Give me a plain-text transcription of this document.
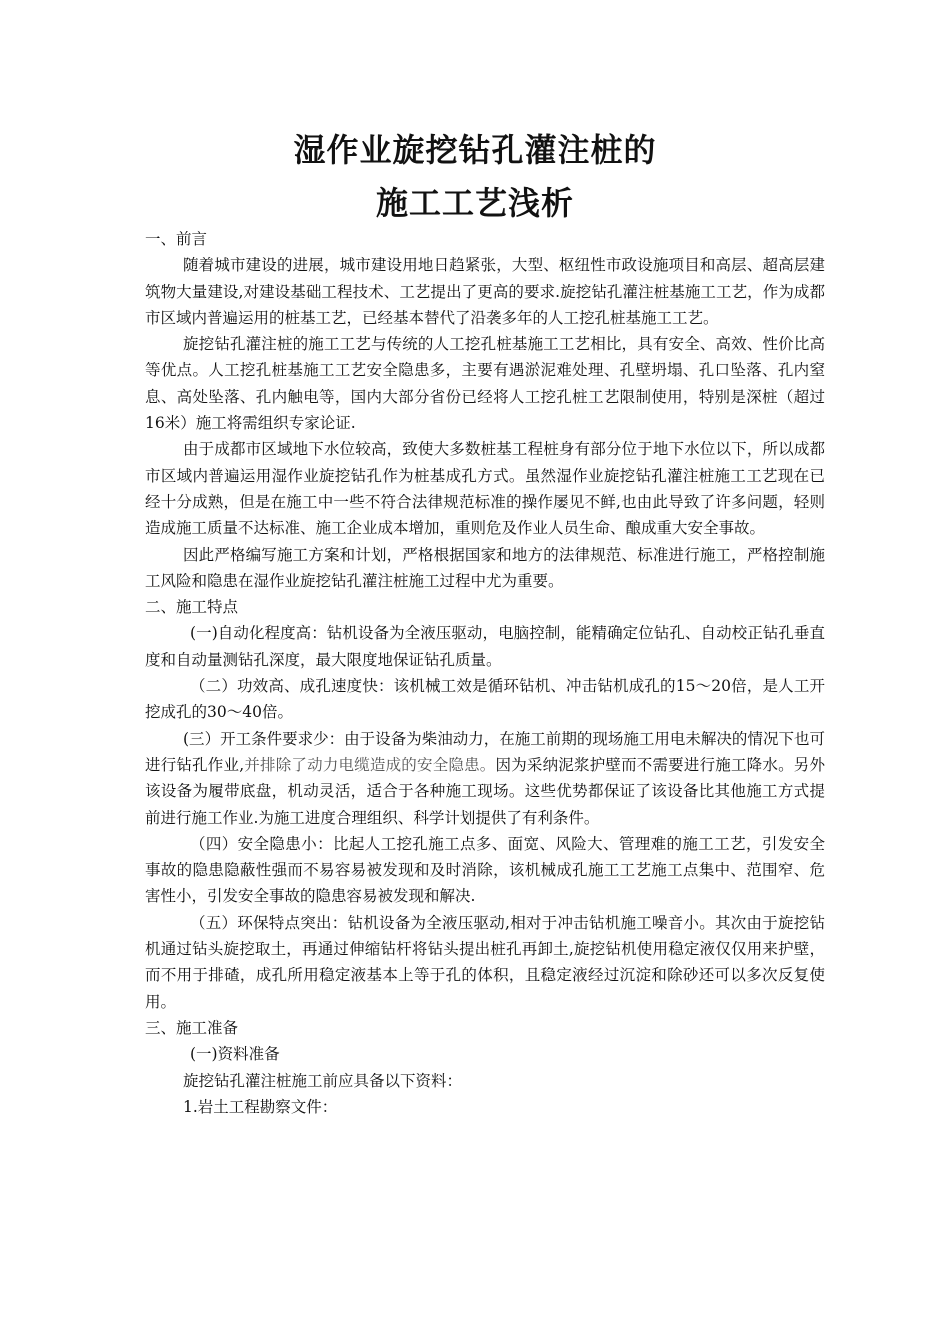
湿作业旋挖钻孔灌注桩的
施工工艺浅析

一、前言

随着城市建设的进展，城市建设用地日趋紧张，大型、枢纽性市政设施项目和高层、超高层建筑物大量建设,对建设基础工程技术、工艺提出了更高的要求.旋挖钻孔灌注桩基施工工艺，作为成都市区域内普遍运用的桩基工艺，已经基本替代了沿袭多年的人工挖孔桩基施工工艺。

旋挖钻孔灌注桩的施工工艺与传统的人工挖孔桩基施工工艺相比，具有安全、高效、性价比高等优点。人工挖孔桩基施工工艺安全隐患多，主要有遇淤泥难处理、孔壁坍塌、孔口坠落、孔内窒息、高处坠落、孔内触电等，国内大部分省份已经将人工挖孔桩工艺限制使用，特别是深桩（超过16米）施工将需组织专家论证.

由于成都市区域地下水位较高，致使大多数桩基工程桩身有部分位于地下水位以下，所以成都市区域内普遍运用湿作业旋挖钻孔作为桩基成孔方式。虽然湿作业旋挖钻孔灌注桩施工工艺现在已经十分成熟，但是在施工中一些不符合法律规范标准的操作屡见不鲜,也由此导致了许多问题，轻则造成施工质量不达标准、施工企业成本增加，重则危及作业人员生命、酿成重大安全事故。

因此严格编写施工方案和计划，严格根据国家和地方的法律规范、标准进行施工，严格控制施工风险和隐患在湿作业旋挖钻孔灌注桩施工过程中尤为重要。

二、施工特点

(一)自动化程度高：钻机设备为全液压驱动，电脑控制，能精确定位钻孔、自动校正钻孔垂直度和自动量测钻孔深度，最大限度地保证钻孔质量。

（二）功效高、成孔速度快：该机械工效是循环钻机、冲击钻机成孔的15～20倍，是人工开挖成孔的30～40倍。

(三）开工条件要求少：由于设备为柴油动力，在施工前期的现场施工用电未解决的情况下也可进行钻孔作业,并排除了动力电缆造成的安全隐患。因为采纳泥浆护壁而不需要进行施工降水。另外该设备为履带底盘，机动灵活，适合于各种施工现场。这些优势都保证了该设备比其他施工方式提前进行施工作业.为施工进度合理组织、科学计划提供了有利条件。

（四）安全隐患小：比起人工挖孔施工点多、面宽、风险大、管理难的施工工艺，引发安全事故的隐患隐蔽性强而不易容易被发现和及时消除，该机械成孔施工工艺施工点集中、范围窄、危害性小，引发安全事故的隐患容易被发现和解决.

（五）环保特点突出：钻机设备为全液压驱动,相对于冲击钻机施工噪音小。其次由于旋挖钻机通过钻头旋挖取土，再通过伸缩钻杆将钻头提出桩孔再卸土,旋挖钻机使用稳定液仅仅用来护壁，而不用于排碴，成孔所用稳定液基本上等于孔的体积，且稳定液经过沉淀和除砂还可以多次反复使用。

三、施工准备

(一)资料准备

旋挖钻孔灌注桩施工前应具备以下资料：

1.岩土工程勘察文件：
